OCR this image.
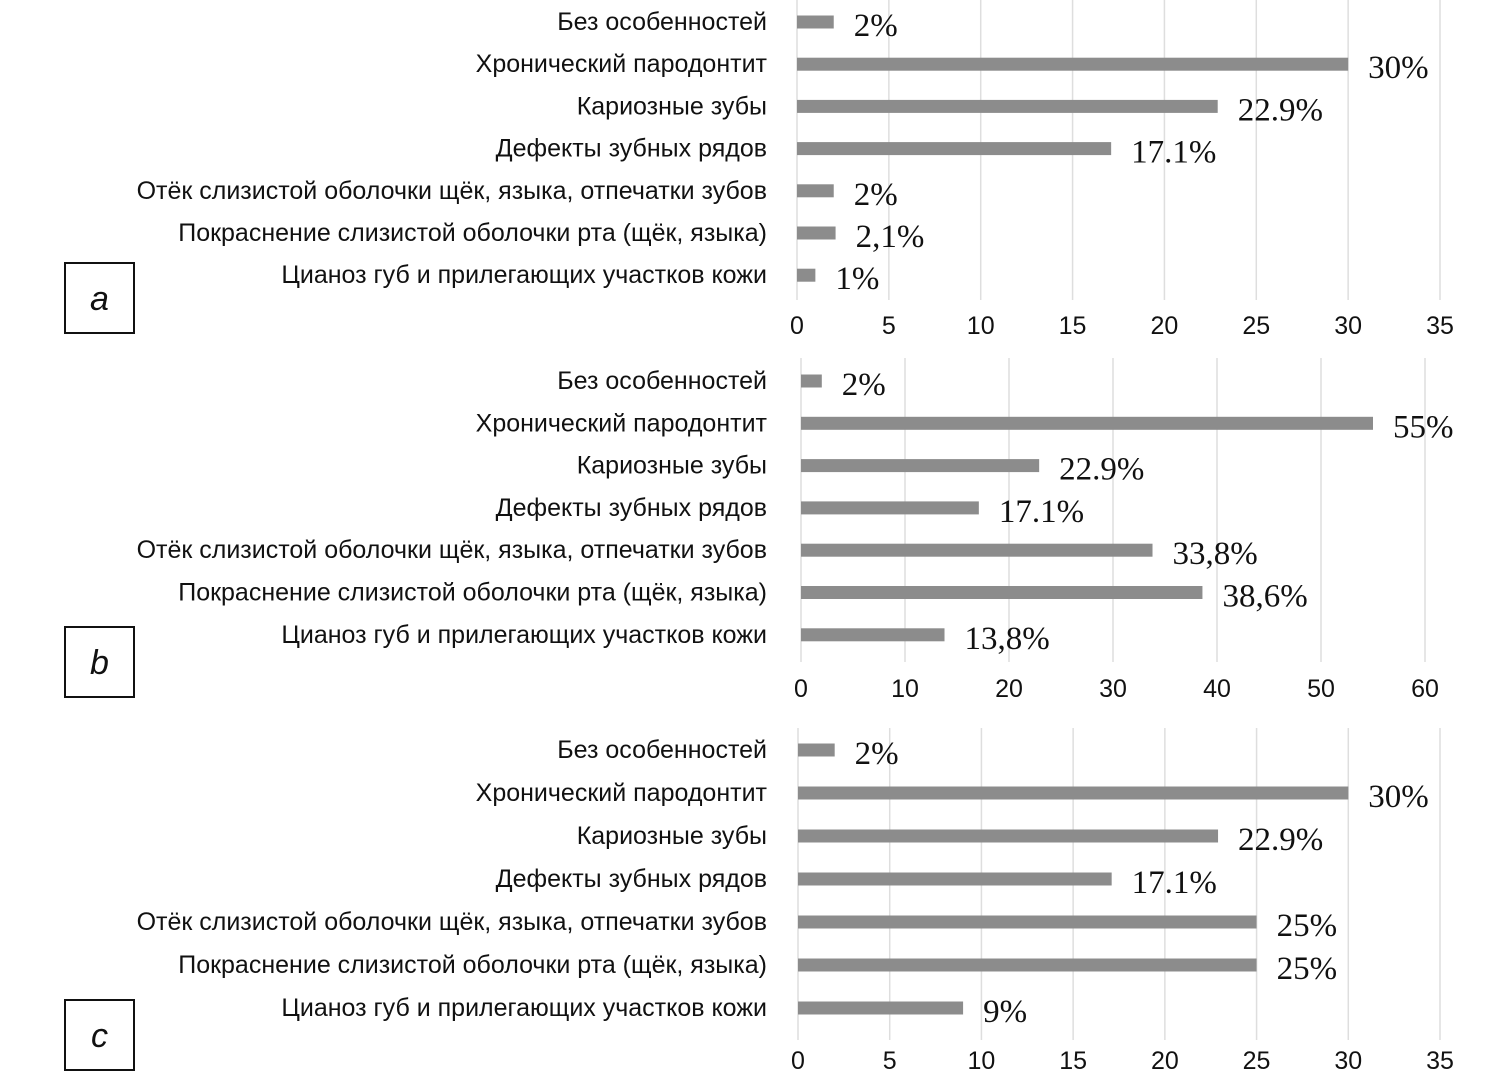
0	5	10	15	20	25	30	35
Без особенностей	2%
Хронический пародонтит	30%
Кариозные зубы	22.9%
Дефекты зубных рядов	17.1%
Отёк слизистой оболочки щёк, языка, отпечатки зубов	2%
Покраснение слизистой оболочки рта (щёк, языка)	2,1%
Цианоз губ и прилегающих участков кожи 1%
a
0	10	20	30	40	50	60
Без особенностей 2%
Хронический пародонтит	55%
Кариозные зубы	22.9%
Дефекты зубных рядов	17.1%
Отёк слизистой оболочки щёк, языка, отпечатки зубов	33,8%
Покраснение слизистой оболочки рта (щёк, языка)	38,6%
Цианоз губ и прилегающих участков кожи	13,8%
b
0	5	10	15	20	25	30	35
Без особенностей	2%
Хронический пародонтит	30%
Кариозные зубы	22.9%
Дефекты зубных рядов	17.1%
Отёк слизистой оболочки щёк, языка, отпечатки зубов	25%
Покраснение слизистой оболочки рта (щёк, языка)	25%
Цианоз губ и прилегающих участков кожи	9%
c
